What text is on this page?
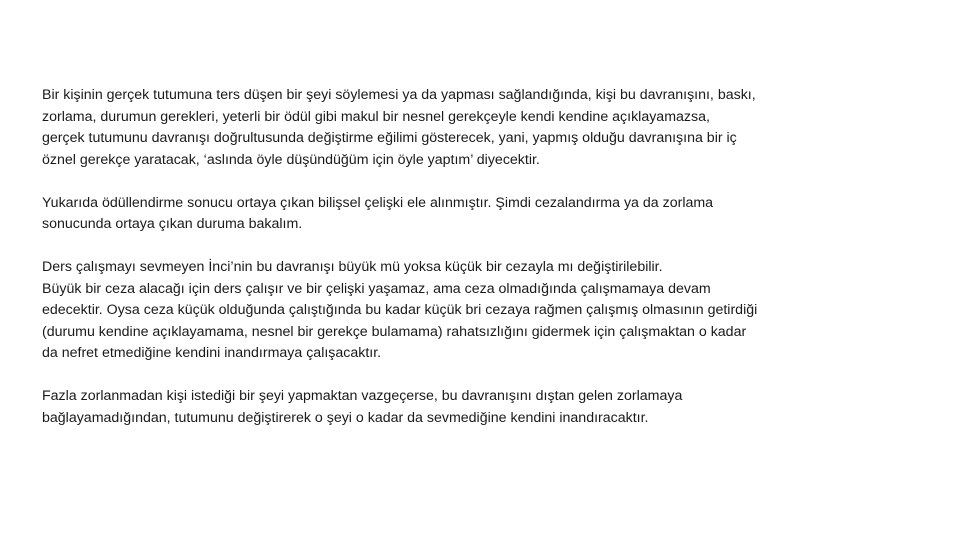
Bir kişinin gerçek tutumuna ters düşen bir şeyi söylemesi ya da yapması sağlandığında, kişi bu davranışını, baskı,
zorlama, durumun gerekleri, yeterli bir ödül gibi makul bir nesnel gerekçeyle kendi kendine açıklayamazsa,
gerçek tutumunu davranışı doğrultusunda değiştirme eğilimi gösterecek, yani, yapmış olduğu davranışına bir iç
öznel gerekçe yaratacak, ‘aslında öyle düşündüğüm için öyle yaptım’ diyecektir.

Yukarıda ödüllendirme sonucu ortaya çıkan bilişsel çelişki ele alınmıştır. Şimdi cezalandırma ya da zorlama
sonucunda ortaya çıkan duruma bakalım.

Ders çalışmayı sevmeyen İnci’nin bu davranışı büyük mü yoksa küçük bir cezayla mı değiştirilebilir.
Büyük bir ceza alacağı için ders çalışır ve bir çelişki yaşamaz, ama ceza olmadığında çalışmamaya devam
edecektir. Oysa ceza küçük olduğunda çalıştığında bu kadar küçük bri cezaya rağmen çalışmış olmasının getirdiği
(durumu kendine açıklayamama, nesnel bir gerekçe bulamama) rahatsızlığını gidermek için çalışmaktan o kadar
da nefret etmediğine kendini inandırmaya çalışacaktır.

Fazla zorlanmadan kişi istediği bir şeyi yapmaktan vazgeçerse, bu davranışını dıştan gelen zorlamaya
bağlayamadığından, tutumunu değiştirerek o şeyi o kadar da sevmediğine kendini inandıracaktır.
